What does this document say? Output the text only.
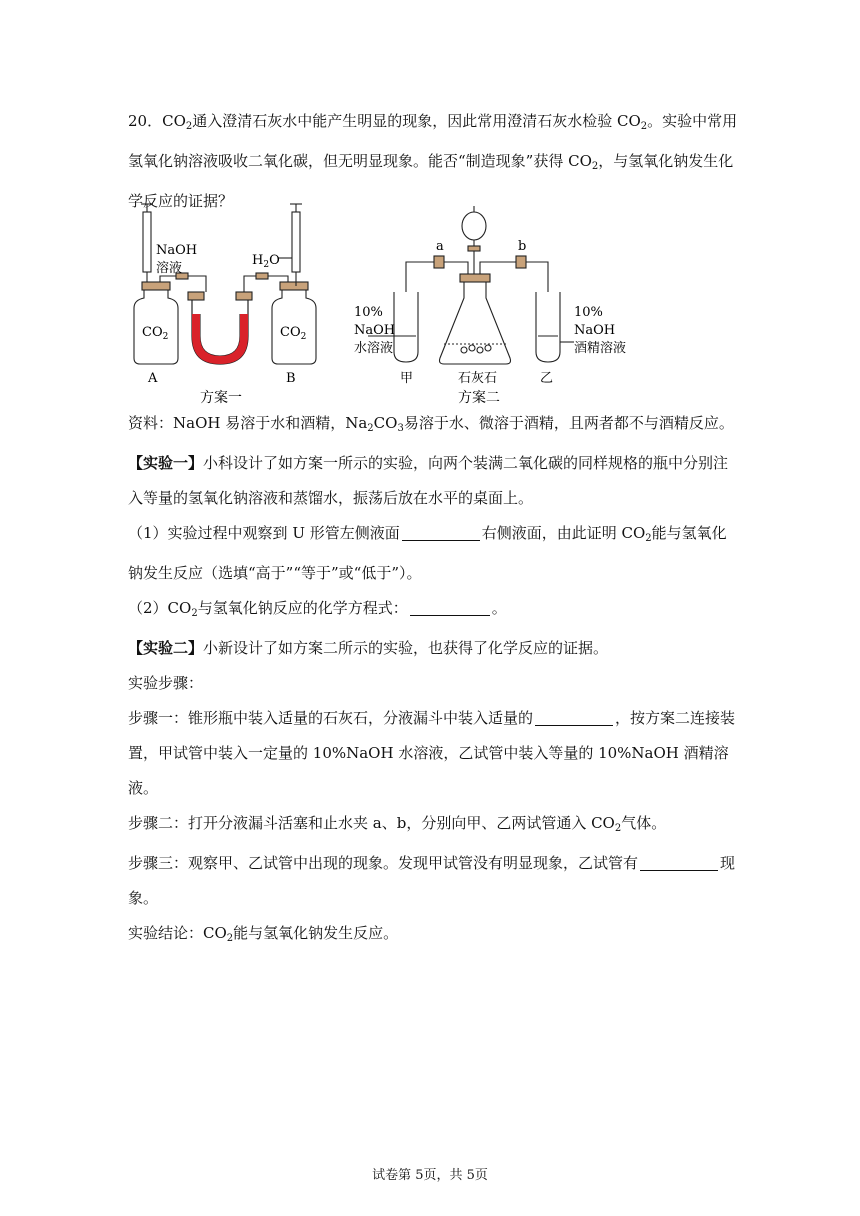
20．$CO_2$通入澄清石灰水中能产生明显的现象，因此常用澄清石灰水检验 $CO_2$。实验中常用氢氧化钠溶液吸收二氧化碳，但无明显现象。能否“制造现象”获得 $CO_2$，与氢氧化钠发生化学反应的证据？

NaOH
溶液
$H_2O$
$CO_2$	$CO_2$
A	B
方案一
a	b
10%
NaOH
水溶液
10%
NaOH
酒精溶液
甲	乙
石灰石
方案二

资料：NaOH 易溶于水和酒精，$Na_2CO_3$易溶于水、微溶于酒精，且两者都不与酒精反应。

【实验一】小科设计了如方案一所示的实验，向两个装满二氧化碳的同样规格的瓶中分别注入等量的氢氧化钠溶液和蒸馏水，振荡后放在水平的桌面上。

（1）实验过程中观察到 U 形管左侧液面	右侧液面，由此证明 $CO_2$能与氢氧化钠发生反应（选填“高于”“等于”或“低于”）。

$(2)CO_2$与氢氧化钠反应的化学方程式：	。

【实验二】小新设计了如方案二所示的实验，也获得了化学反应的证据。

实验步骤：

步骤一：锥形瓶中装入适量的石灰石，分液漏斗中装入适量的	，按方案二连接装置，甲试管中装入一定量的 10%NaOH 水溶液，乙试管中装入等量的 10%NaOH 酒精溶液。

步骤二：打开分液漏斗活塞和止水夹 a、b，分别向甲、乙两试管通入 $CO_2$气体。

步骤三：观察甲、乙试管中出现的现象。发现甲试管没有明显现象，乙试管有	现象。

实验结论：$CO_2$能与氢氧化钠发生反应。

试卷第 5页，共 5页
